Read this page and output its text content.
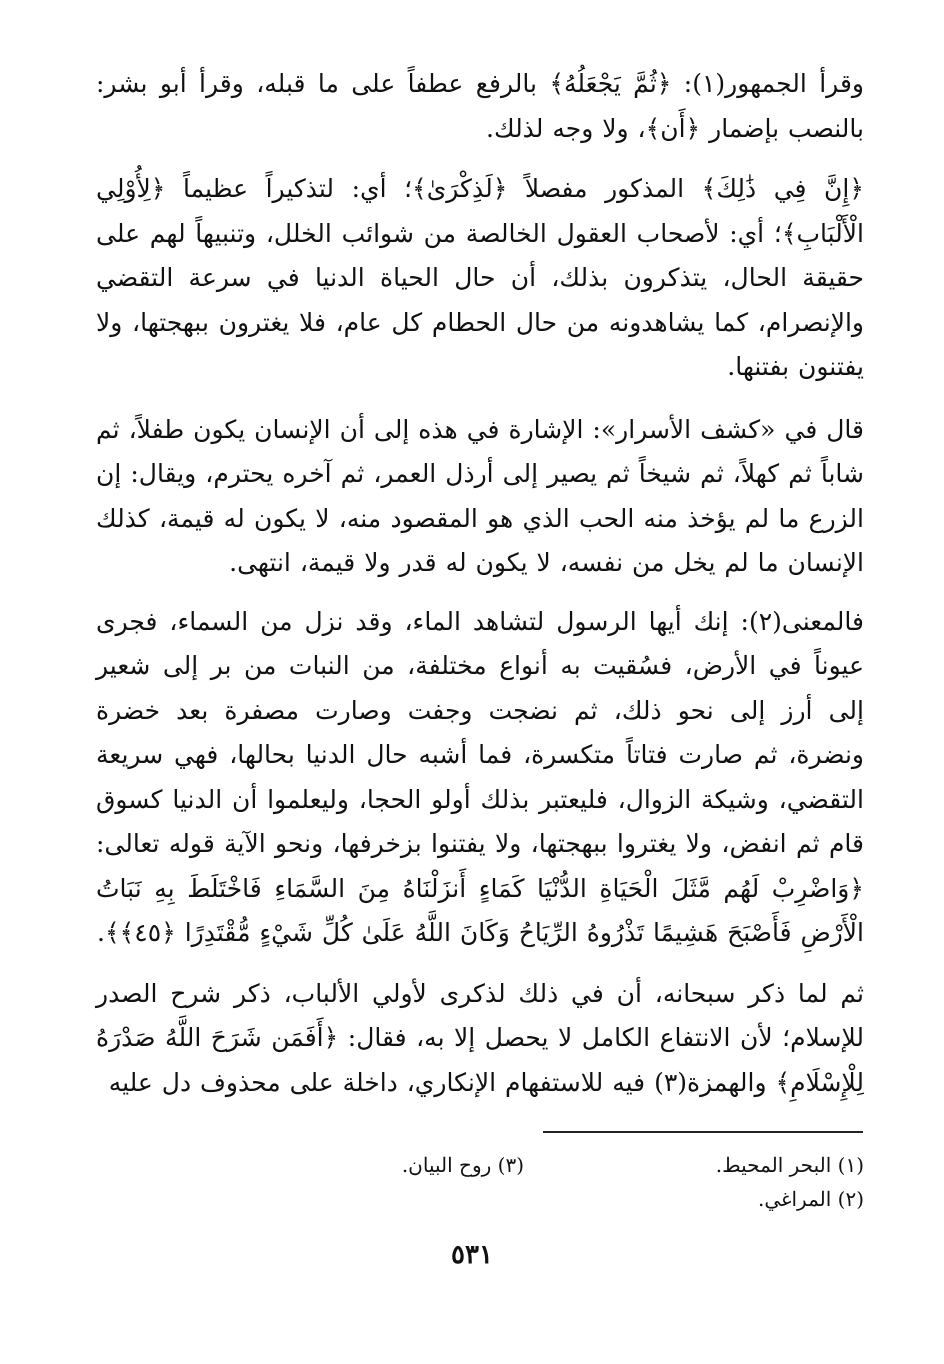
وقرأ الجمهور(١): ﴿ثُمَّ يَجْعَلُهُ﴾ بالرفع عطفاً على ما قبله، وقرأ أبو بشر: بالنصب بإضمار ﴿أَن﴾، ولا وجه لذلك.

﴿إِنَّ فِي ذَٰلِكَ﴾ المذكور مفصلاً ﴿لَذِكْرَىٰ﴾؛ أي: لتذكيراً عظيماً ﴿لِأُوْلِي الْأَلْبَابِ﴾؛ أي: لأصحاب العقول الخالصة من شوائب الخلل، وتنبيهاً لهم على حقيقة الحال، يتذكرون بذلك، أن حال الحياة الدنيا في سرعة التقضي والإنصرام، كما يشاهدونه من حال الحطام كل عام، فلا يغترون ببهجتها، ولا يفتنون بفتنها.

قال في «كشف الأسرار»: الإشارة في هذه إلى أن الإنسان يكون طفلاً، ثم شاباً ثم كهلاً، ثم شيخاً ثم يصير إلى أرذل العمر، ثم آخره يحترم، ويقال: إن الزرع ما لم يؤخذ منه الحب الذي هو المقصود منه، لا يكون له قيمة، كذلك الإنسان ما لم يخل من نفسه، لا يكون له قدر ولا قيمة، انتهى.

فالمعنى(٢): إنك أيها الرسول لتشاهد الماء، وقد نزل من السماء، فجرى عيوناً في الأرض، فسُقيت به أنواع مختلفة، من النبات من بر إلى شعير إلى أرز إلى نحو ذلك، ثم نضجت وجفت وصارت مصفرة بعد خضرة ونضرة، ثم صارت فتاتاً متكسرة، فما أشبه حال الدنيا بحالها، فهي سريعة التقضي، وشيكة الزوال، فليعتبر بذلك أولو الحجا، وليعلموا أن الدنيا كسوق قام ثم انفض، ولا يغتروا ببهجتها، ولا يفتنوا بزخرفها، ونحو الآية قوله تعالى: ﴿وَاضْرِبْ لَهُم مَّثَلَ الْحَيَاةِ الدُّنْيَا كَمَاءٍ أَنزَلْنَاهُ مِنَ السَّمَاءِ فَاخْتَلَطَ بِهِ نَبَاتُ الْأَرْضِ فَأَصْبَحَ هَشِيمًا تَذْرُوهُ الرِّيَاحُ وَكَانَ اللَّهُ عَلَىٰ كُلِّ شَيْءٍ مُّقْتَدِرًا ﴿٤٥﴾﴾.

ثم لما ذكر سبحانه، أن في ذلك لذكرى لأولي الألباب، ذكر شرح الصدر للإسلام؛ لأن الانتفاع الكامل لا يحصل إلا به، فقال: ﴿أَفَمَن شَرَحَ اللَّهُ صَدْرَهُ لِلْإِسْلَامِ﴾ والهمزة(٣) فيه للاستفهام الإنكاري، داخلة على محذوف دل عليه

(١) البحر المحيط.
(٣) روح البيان.
(٢) المراغي.
٥٣١
